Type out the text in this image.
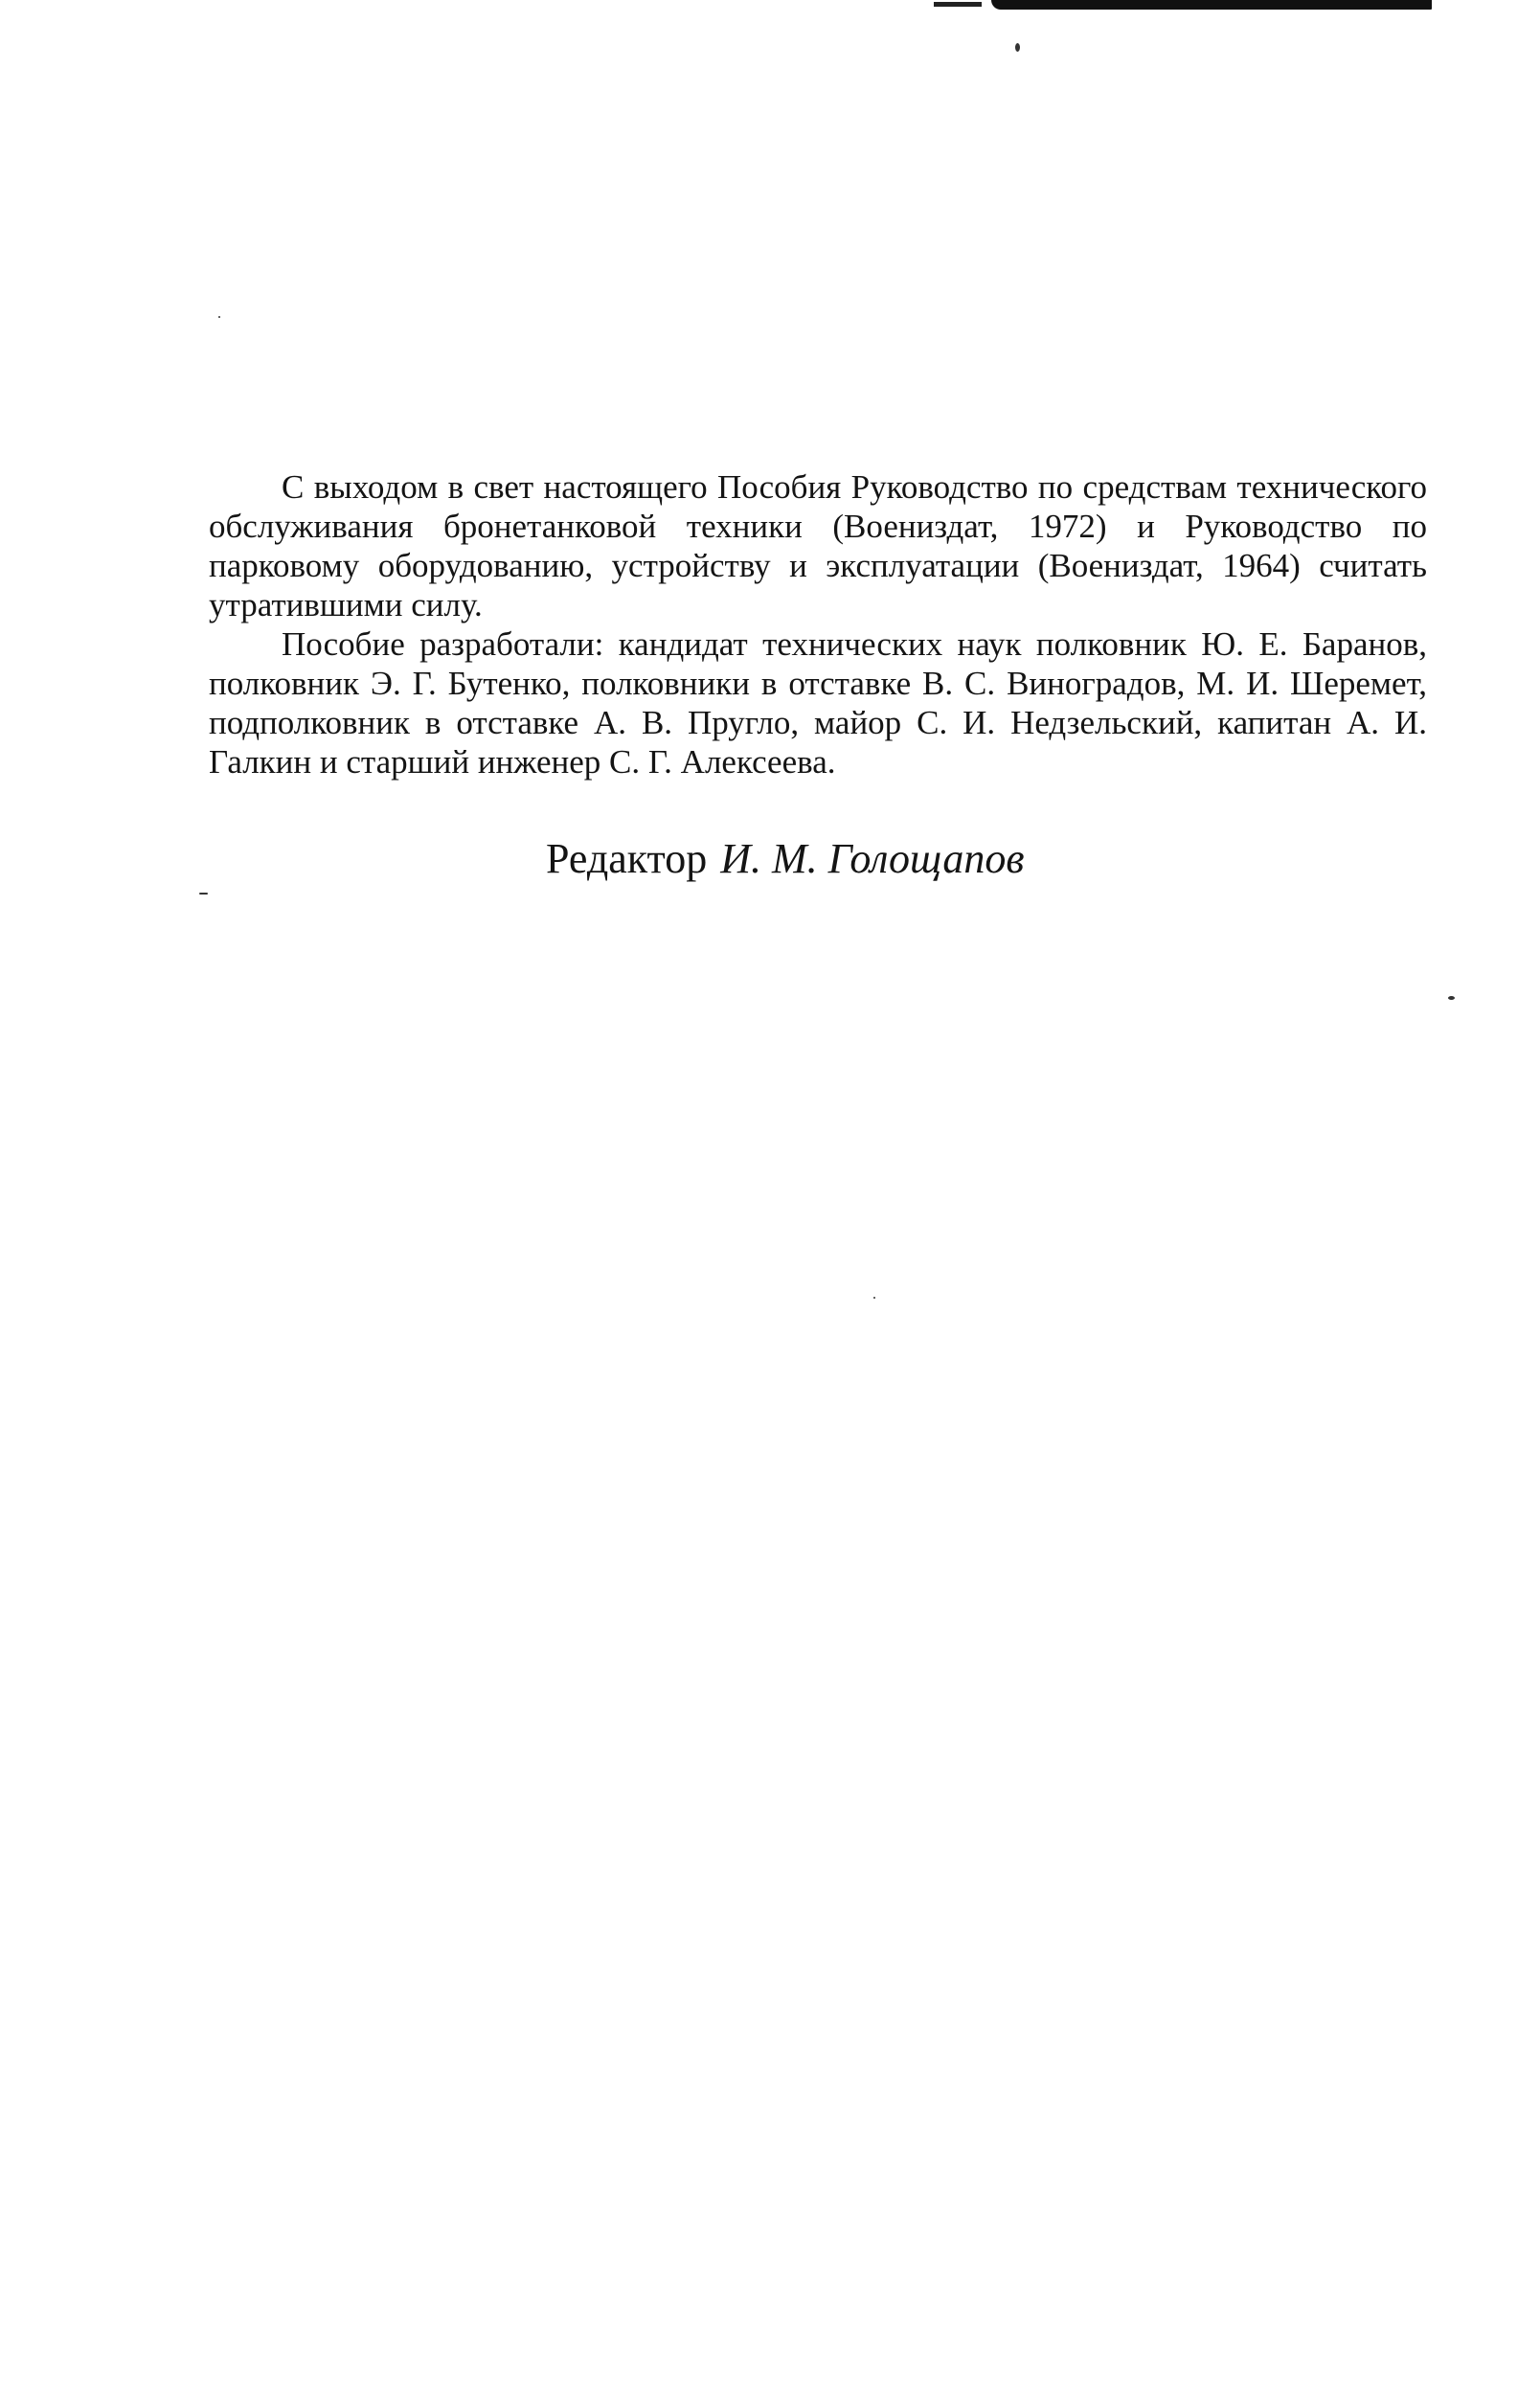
С выходом в свет настоящего Пособия Руководство по средствам технического обслуживания бронетанковой техники (Воениздат, 1972) и Руководство по парковому оборудованию, устройству и эксплуатации (Воениздат, 1964) считать утратившими силу.

Пособие разработали: кандидат технических наук полковник Ю. Е. Баранов, полковник Э. Г. Бутенко, полковники в отставке В. С. Виноградов, М. И. Шеремет, подполковник в отставке А. В. Пругло, майор С. И. Недзельский, капитан А. И. Галкин и старший инженер С. Г. Алексеева.

Редактор И. М. Голощапов
